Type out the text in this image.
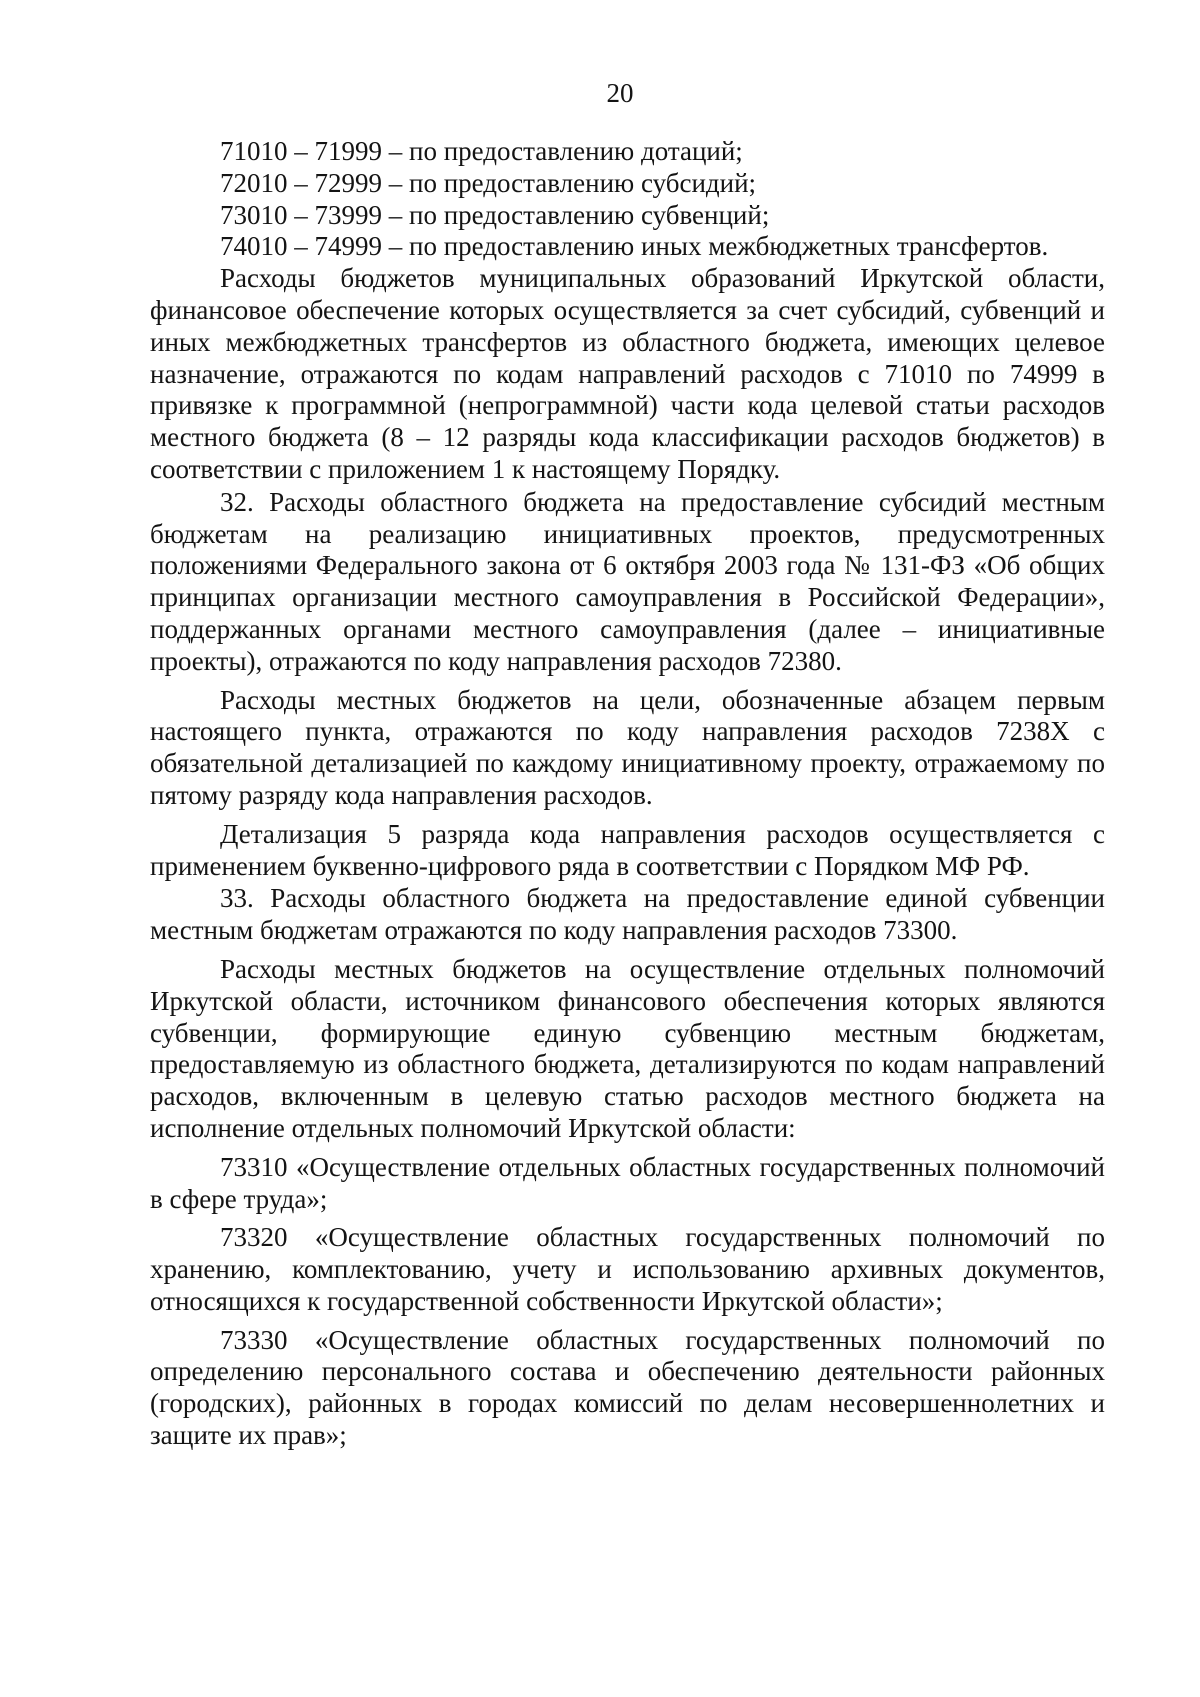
20

71010 – 71999 – по предоставлению дотаций;

72010 – 72999 – по предоставлению субсидий;

73010 – 73999 – по предоставлению субвенций;

74010 – 74999 – по предоставлению иных межбюджетных трансфертов.

Расходы бюджетов муниципальных образований Иркутской области, финансовое обеспечение которых осуществляется за счет субсидий, субвенций и иных межбюджетных трансфертов из областного бюджета, имеющих целевое назначение, отражаются по кодам направлений расходов с 71010 по 74999 в привязке к программной (непрограммной) части кода целевой статьи расходов местного бюджета (8 – 12 разряды кода классификации расходов бюджетов) в соответствии с приложением 1 к настоящему Порядку.

32. Расходы областного бюджета на предоставление субсидий местным бюджетам на реализацию инициативных проектов, предусмотренных положениями Федерального закона от 6 октября 2003 года № 131-ФЗ «Об общих принципах организации местного самоуправления в Российской Федерации», поддержанных органами местного самоуправления (далее – инициативные проекты), отражаются по коду направления расходов 72380.

Расходы местных бюджетов на цели, обозначенные абзацем первым настоящего пункта, отражаются по коду направления расходов 7238X с обязательной детализацией по каждому инициативному проекту, отражаемому по пятому разряду кода направления расходов.

Детализация 5 разряда кода направления расходов осуществляется с применением буквенно-цифрового ряда в соответствии с Порядком МФ РФ.

33. Расходы областного бюджета на предоставление единой субвенции местным бюджетам отражаются по коду направления расходов 73300.

Расходы местных бюджетов на осуществление отдельных полномочий Иркутской области, источником финансового обеспечения которых являются субвенции, формирующие единую субвенцию местным бюджетам, предоставляемую из областного бюджета, детализируются по кодам направлений расходов, включенным в целевую статью расходов местного бюджета на исполнение отдельных полномочий Иркутской области:

73310 «Осуществление отдельных областных государственных полномочий в сфере труда»;

73320 «Осуществление областных государственных полномочий по хранению, комплектованию, учету и использованию архивных документов, относящихся к государственной собственности Иркутской области»;

73330 «Осуществление областных государственных полномочий по определению персонального состава и обеспечению деятельности районных (городских), районных в городах комиссий по делам несовершеннолетних и защите их прав»;
